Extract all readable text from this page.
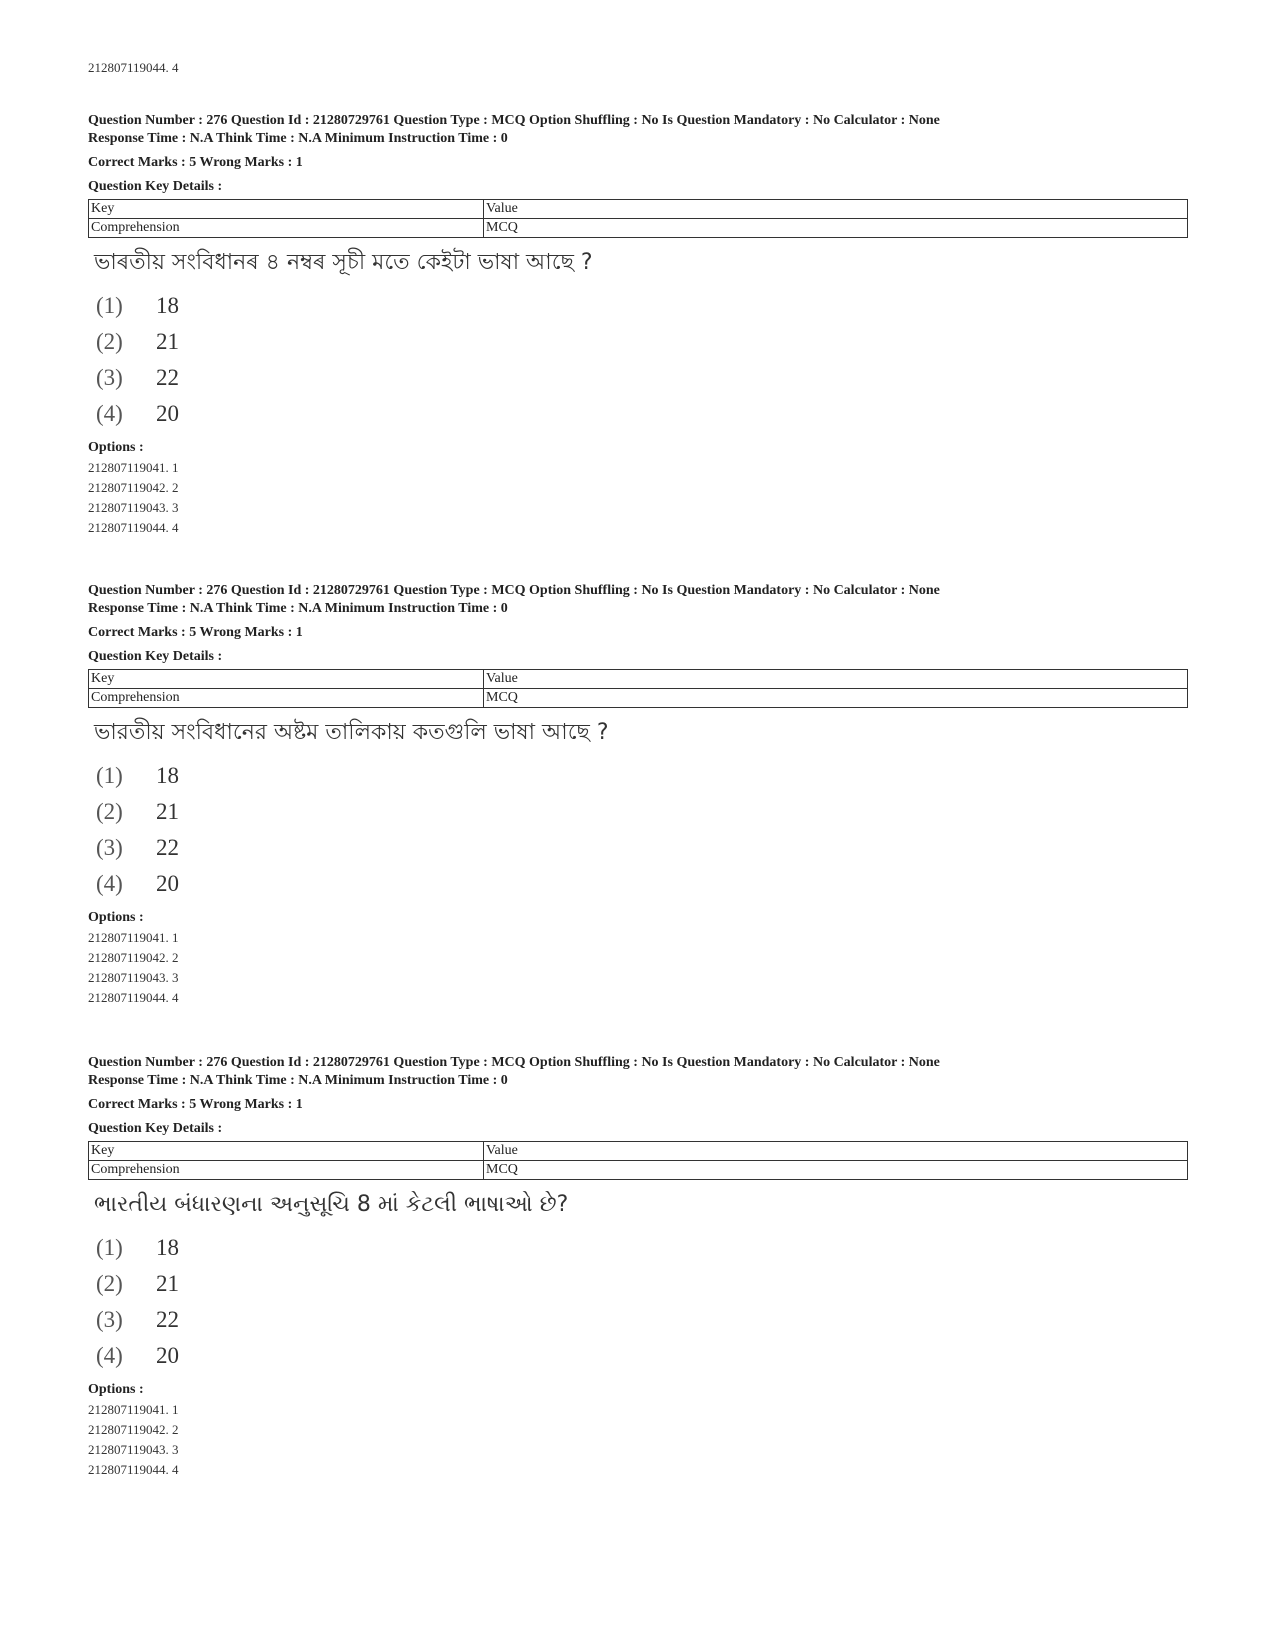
212807119044. 4
Question Number : 276 Question Id : 21280729761 Question Type : MCQ Option Shuffling : No Is Question Mandatory : No Calculator : None
Response Time : N.A Think Time : N.A Minimum Instruction Time : 0
Correct Marks : 5 Wrong Marks : 1
Question Key Details :
Key	Value
Comprehension	MCQ
ভাৰতীয় সংবিধানৰ ৪ নম্বৰ সূচী মতে কেইটা ভাষা আছে ?
(1)	18
(2)	21
(3)	22
(4)	20
Options :
212807119041. 1
212807119042. 2
212807119043. 3
212807119044. 4
Question Number : 276 Question Id : 21280729761 Question Type : MCQ Option Shuffling : No Is Question Mandatory : No Calculator : None
Response Time : N.A Think Time : N.A Minimum Instruction Time : 0
Correct Marks : 5 Wrong Marks : 1
Question Key Details :
Key	Value
Comprehension	MCQ
ভারতীয় সংবিধানের অষ্টম তালিকায় কতগুলি ভাষা আছে ?
(1)	18
(2)	21
(3)	22
(4)	20
Options :
212807119041. 1
212807119042. 2
212807119043. 3
212807119044. 4
Question Number : 276 Question Id : 21280729761 Question Type : MCQ Option Shuffling : No Is Question Mandatory : No Calculator : None
Response Time : N.A Think Time : N.A Minimum Instruction Time : 0
Correct Marks : 5 Wrong Marks : 1
Question Key Details :
Key	Value
Comprehension	MCQ
ભારતીય બંધારણના અનુસૂચિ 8 માં કેટલી ભાષાઓ છે?
(1)	18
(2)	21
(3)	22
(4)	20
Options :
212807119041. 1
212807119042. 2
212807119043. 3
212807119044. 4
